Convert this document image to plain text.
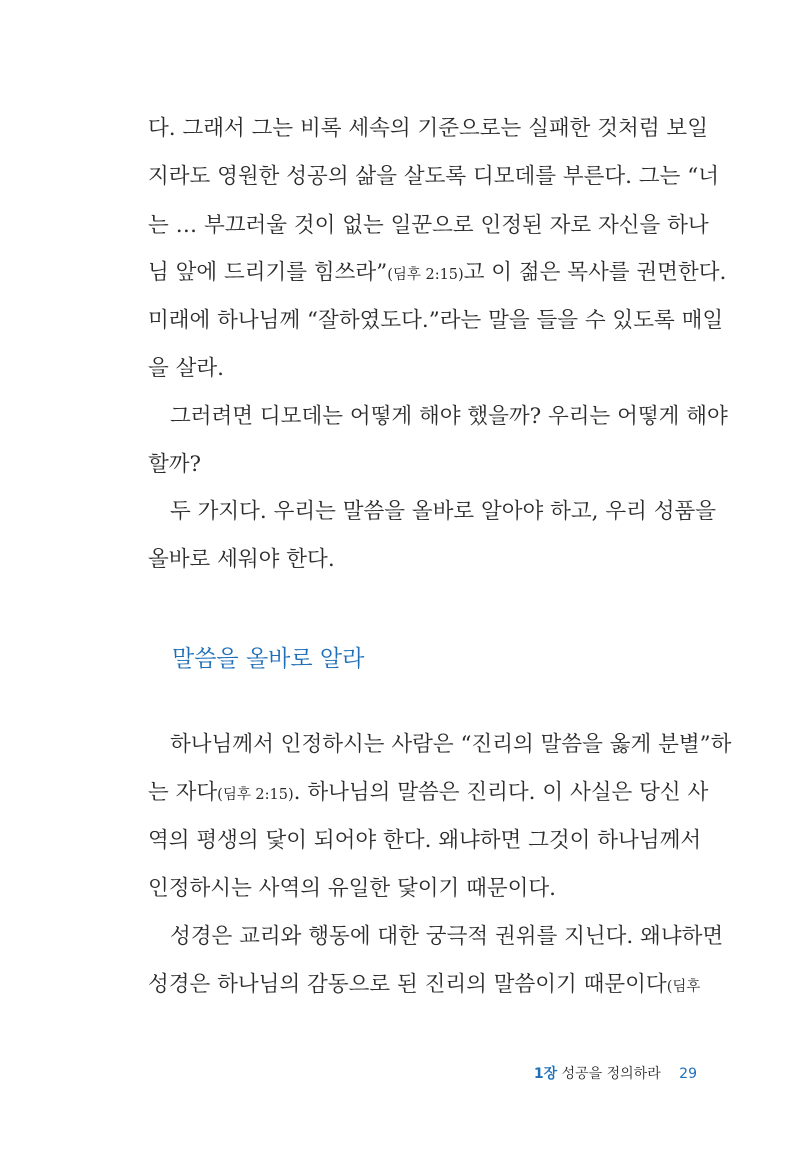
다. 그래서 그는 비록 세속의 기준으로는 실패한 것처럼 보일
지라도 영원한 성공의 삶을 살도록 디모데를 부른다. 그는 “너
는 … 부끄러울 것이 없는 일꾼으로 인정된 자로 자신을 하나
님 앞에 드리기를 힘쓰라”(딤후 2:15)고 이 젊은 목사를 권면한다.
미래에 하나님께 “잘하였도다.”라는 말을 들을 수 있도록 매일
을 살라.
그러려면 디모데는 어떻게 해야 했을까? 우리는 어떻게 해야
할까?
두 가지다. 우리는 말씀을 올바로 알아야 하고, 우리 성품을
올바로 세워야 한다.
하나님께서 인정하시는 사람은 “진리의 말씀을 옳게 분별”하
는 자다(딤후 2:15). 하나님의 말씀은 진리다. 이 사실은 당신 사
역의 평생의 닻이 되어야 한다. 왜냐하면 그것이 하나님께서
인정하시는 사역의 유일한 닻이기 때문이다.
성경은 교리와 행동에 대한 궁극적 권위를 지닌다. 왜냐하면
성경은 하나님의 감동으로 된 진리의 말씀이기 때문이다(딤후
말씀을 올바로 알라
1장 성공을 정의하라 29
